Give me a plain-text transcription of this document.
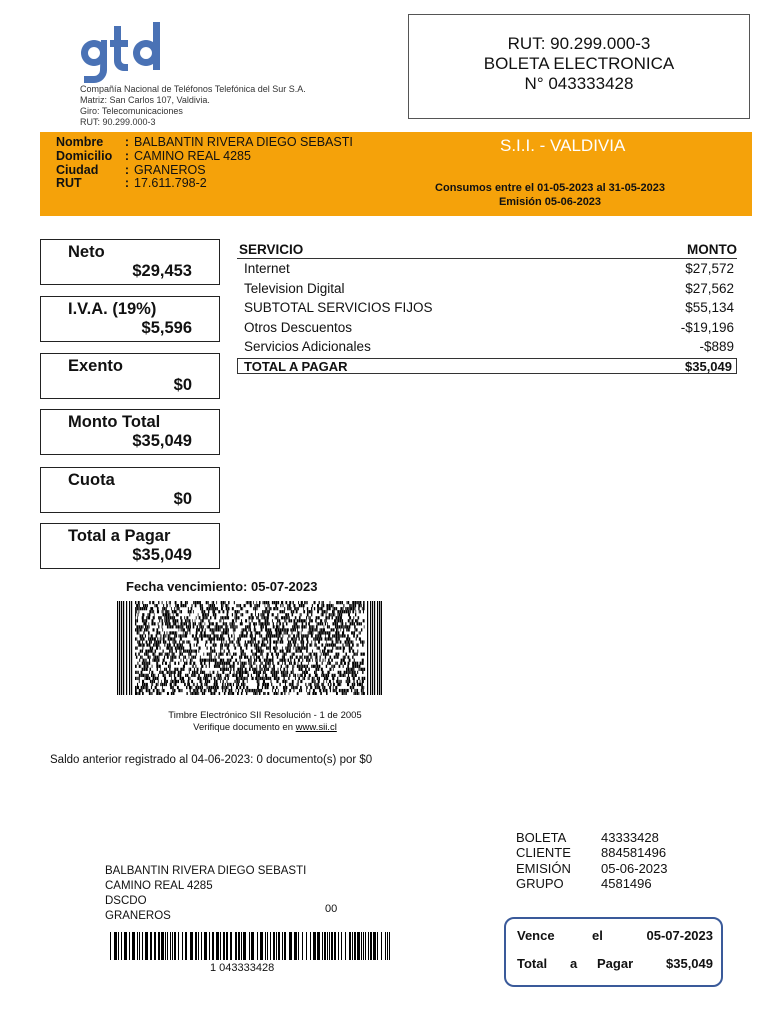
Compañía Nacional de Teléfonos Telefónica del Sur S.A.
Matriz: San Carlos 107, Valdivia.
Giro: Telecomunicaciones
RUT: 90.299.000-3
RUT: 90.299.000-3
BOLETA ELECTRONICA
N° 043333428
Nombre : BALBANTIN RIVERA DIEGO SEBASTI
Domicilio : CAMINO REAL 4285
Ciudad : GRANEROS
RUT	: 17.611.798-2
S.I.I. - VALDIVIA
Consumos entre el 01-05-2023 al 31-05-2023
Emisión 05-06-2023
Neto
$29,453
I.V.A. (19%)
$5,596
Exento
$0
Monto Total
$35,049
Cuota
$0
Total a Pagar
$35,049
SERVICIO	MONTO
Internet	$27,572
Television Digital	$27,562
SUBTOTAL SERVICIOS FIJOS	$55,134
Otros Descuentos	-$19,196
Servicios Adicionales	-$889
TOTAL A PAGAR	$35,049
Fecha vencimiento: 05-07-2023
Timbre Electrónico SII Resolución - 1 de 2005
Verifique documento en www.sii.cl
Saldo anterior registrado al 04-06-2023: 0 documento(s) por $0
BOLETA	43333428
CLIENTE 884581496
EMISIÓN 05-06-2023
GRUPO	4581496
BALBANTIN RIVERA DIEGO SEBASTI
CAMINO REAL 4285
DSCDO
GRANEROS
00
1 043333428
Vence	el	05-07-2023
Total a Pagar	$35,049
